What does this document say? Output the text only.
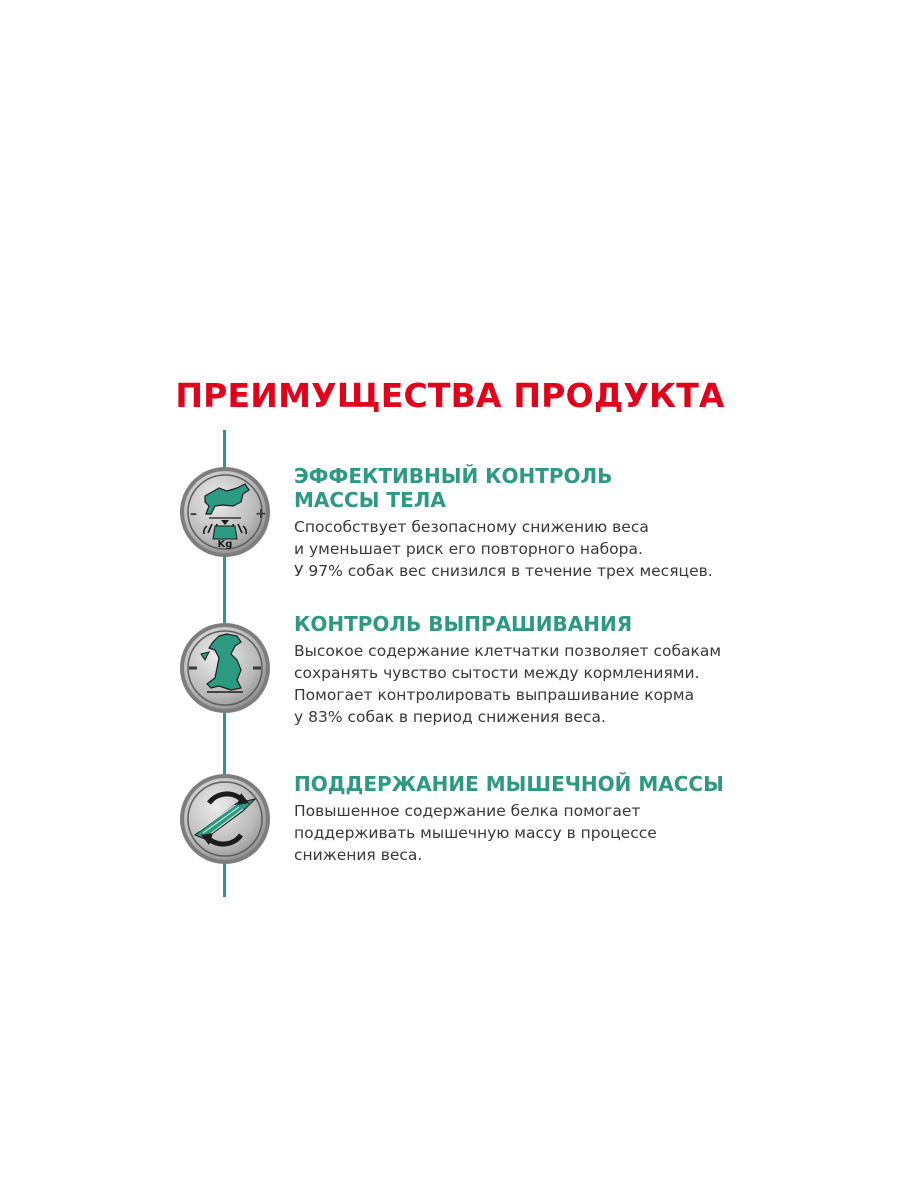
ПРЕИМУЩЕСТВА ПРОДУКТА
–	+
Kg
ЭФФЕКТИВНЫЙ КОНТРОЛЬ
МАССЫ ТЕЛА

Способствует безопасному снижению веса
и уменьшает риск его повторного набора.
У 97% собак вес снизился в течение трех месяцев.

КОНТРОЛЬ ВЫПРАШИВАНИЯ

Высокое содержание клетчатки позволяет собакам
сохранять чувство сытости между кормлениями.
Помогает контролировать выпрашивание корма
у 83% собак в период снижения веса.

ПОДДЕРЖАНИЕ МЫШЕЧНОЙ МАССЫ

Повышенное содержание белка помогает
поддерживать мышечную массу в процессе
снижения веса.
